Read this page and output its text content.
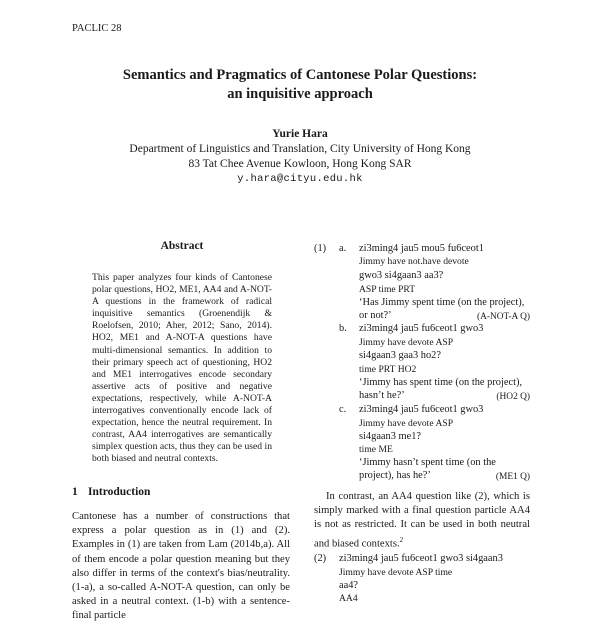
PACLIC 28
Semantics and Pragmatics of Cantonese Polar Questions:
an inquisitive approach
Yurie Hara
Department of Linguistics and Translation, City University of Hong Kong
83 Tat Chee Avenue Kowloon, Hong Kong SAR
y.hara@cityu.edu.hk
Abstract
This paper analyzes four kinds of Cantonese polar questions, HO2, ME1, AA4 and A-NOT-A questions in the framework of radical inquisitive semantics (Groenendijk & Roelofsen, 2010; Aher, 2012; Sano, 2014). HO2, ME1 and A-NOT-A questions have multi-dimensional semantics. In addition to their primary speech act of questioning, HO2 and ME1 interrogatives encode secondary assertive acts of positive and negative expectations, respectively, while A-NOT-A interrogatives conventionally encode lack of expectation, hence the neutral requirement. In contrast, AA4 interrogatives are semantically simplex question acts, thus they can be used in both biased and neutral contexts.
1 Introduction
Cantonese has a number of constructions that express a polar question as in (1) and (2). Examples in (1) are taken from Lam (2014b,a). All of them encode a polar question meaning but they also differ in terms of the context's bias/neutrality. (1-a), a so-called A-NOT-A question, can only be asked in a neutral context. (1-b) with a sentence-final particle
(1) a. zi3ming4 jau5 mou5 fu6ceot1
Jimmy have not.have devote
gwo3 si4gaan3 aa3?
ASP time PRT
‘Has Jimmy spent time (on the project),
or not?’	(A-NOT-A Q)
b. zi3ming4 jau5 fu6ceot1 gwo3
Jimmy have devote ASP
si4gaan3 gaa3 ho2?
time PRT HO2
‘Jimmy has spent time (on the project),
hasn’t he?’	(HO2 Q)
c. zi3ming4 jau5 fu6ceot1 gwo3
Jimmy have devote ASP
si4gaan3 me1?
time ME
‘Jimmy hasn’t spent time (on the
project), has he?’	(ME1 Q)
(2) zi3ming4 jau5 fu6ceot1 gwo3 si4gaan3
Jimmy have devote ASP time
aa4?
AA4
In contrast, an AA4 question like (2), which is simply marked with a final question particle AA4 is not as restricted. It can be used in both neutral and biased contexts.$^2$
